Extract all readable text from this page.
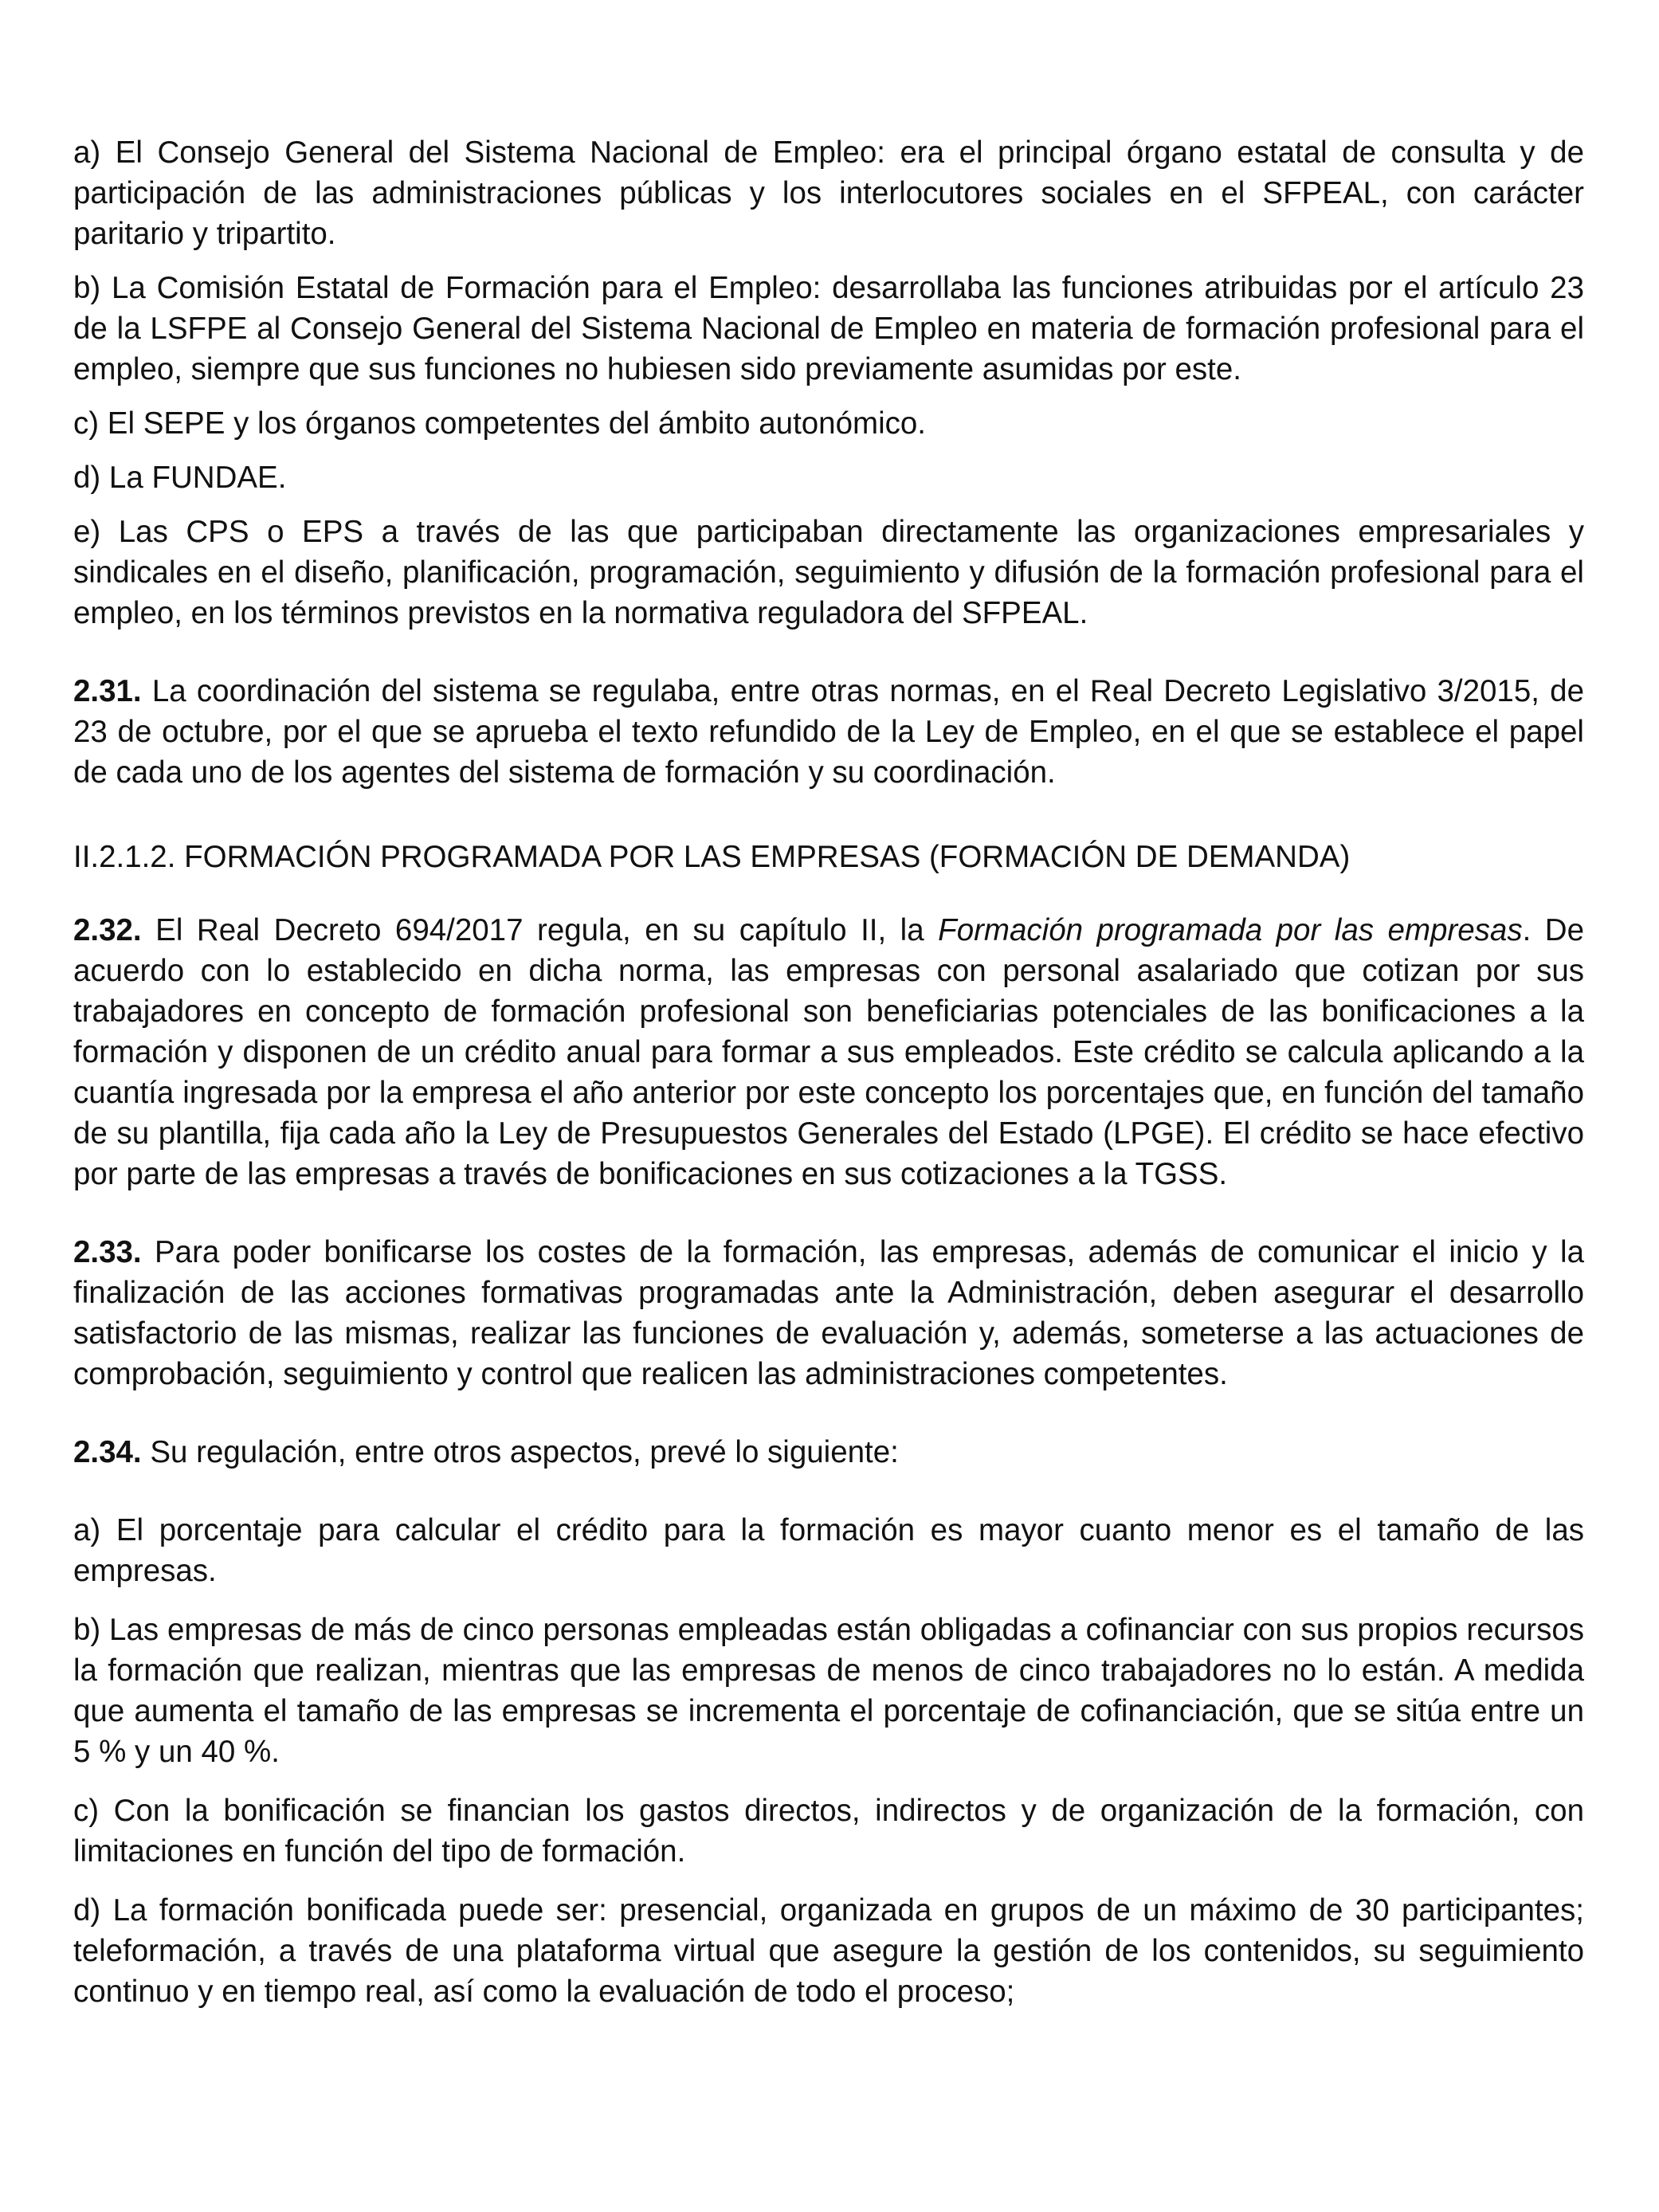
a) El Consejo General del Sistema Nacional de Empleo: era el principal órgano estatal de consulta y de participación de las administraciones públicas y los interlocutores sociales en el SFPEAL, con carácter paritario y tripartito.

b) La Comisión Estatal de Formación para el Empleo: desarrollaba las funciones atribuidas por el artículo 23 de la LSFPE al Consejo General del Sistema Nacional de Empleo en materia de formación profesional para el empleo, siempre que sus funciones no hubiesen sido previamente asumidas por este.

c) El SEPE y los órganos competentes del ámbito autonómico.

d) La FUNDAE.

e) Las CPS o EPS a través de las que participaban directamente las organizaciones empresariales y sindicales en el diseño, planificación, programación, seguimiento y difusión de la formación profesional para el empleo, en los términos previstos en la normativa reguladora del SFPEAL.

2.31. La coordinación del sistema se regulaba, entre otras normas, en el Real Decreto Legislativo 3/2015, de 23 de octubre, por el que se aprueba el texto refundido de la Ley de Empleo, en el que se establece el papel de cada uno de los agentes del sistema de formación y su coordinación.

II.2.1.2. FORMACIÓN PROGRAMADA POR LAS EMPRESAS (FORMACIÓN DE DEMANDA)

2.32. El Real Decreto 694/2017 regula, en su capítulo II, la Formación programada por las empresas. De acuerdo con lo establecido en dicha norma, las empresas con personal asalariado que cotizan por sus trabajadores en concepto de formación profesional son beneficiarias potenciales de las bonificaciones a la formación y disponen de un crédito anual para formar a sus empleados. Este crédito se calcula aplicando a la cuantía ingresada por la empresa el año anterior por este concepto los porcentajes que, en función del tamaño de su plantilla, fija cada año la Ley de Presupuestos Generales del Estado (LPGE). El crédito se hace efectivo por parte de las empresas a través de bonificaciones en sus cotizaciones a la TGSS.

2.33. Para poder bonificarse los costes de la formación, las empresas, además de comunicar el inicio y la finalización de las acciones formativas programadas ante la Administración, deben asegurar el desarrollo satisfactorio de las mismas, realizar las funciones de evaluación y, además, someterse a las actuaciones de comprobación, seguimiento y control que realicen las administraciones competentes.

2.34. Su regulación, entre otros aspectos, prevé lo siguiente:

a) El porcentaje para calcular el crédito para la formación es mayor cuanto menor es el tamaño de las empresas.

b) Las empresas de más de cinco personas empleadas están obligadas a cofinanciar con sus propios recursos la formación que realizan, mientras que las empresas de menos de cinco trabajadores no lo están. A medida que aumenta el tamaño de las empresas se incrementa el porcentaje de cofinanciación, que se sitúa entre un 5 % y un 40 %.

c) Con la bonificación se financian los gastos directos, indirectos y de organización de la formación, con limitaciones en función del tipo de formación.

d) La formación bonificada puede ser: presencial, organizada en grupos de un máximo de 30 participantes; teleformación, a través de una plataforma virtual que asegure la gestión de los contenidos, su seguimiento continuo y en tiempo real, así como la evaluación de todo el proceso;
